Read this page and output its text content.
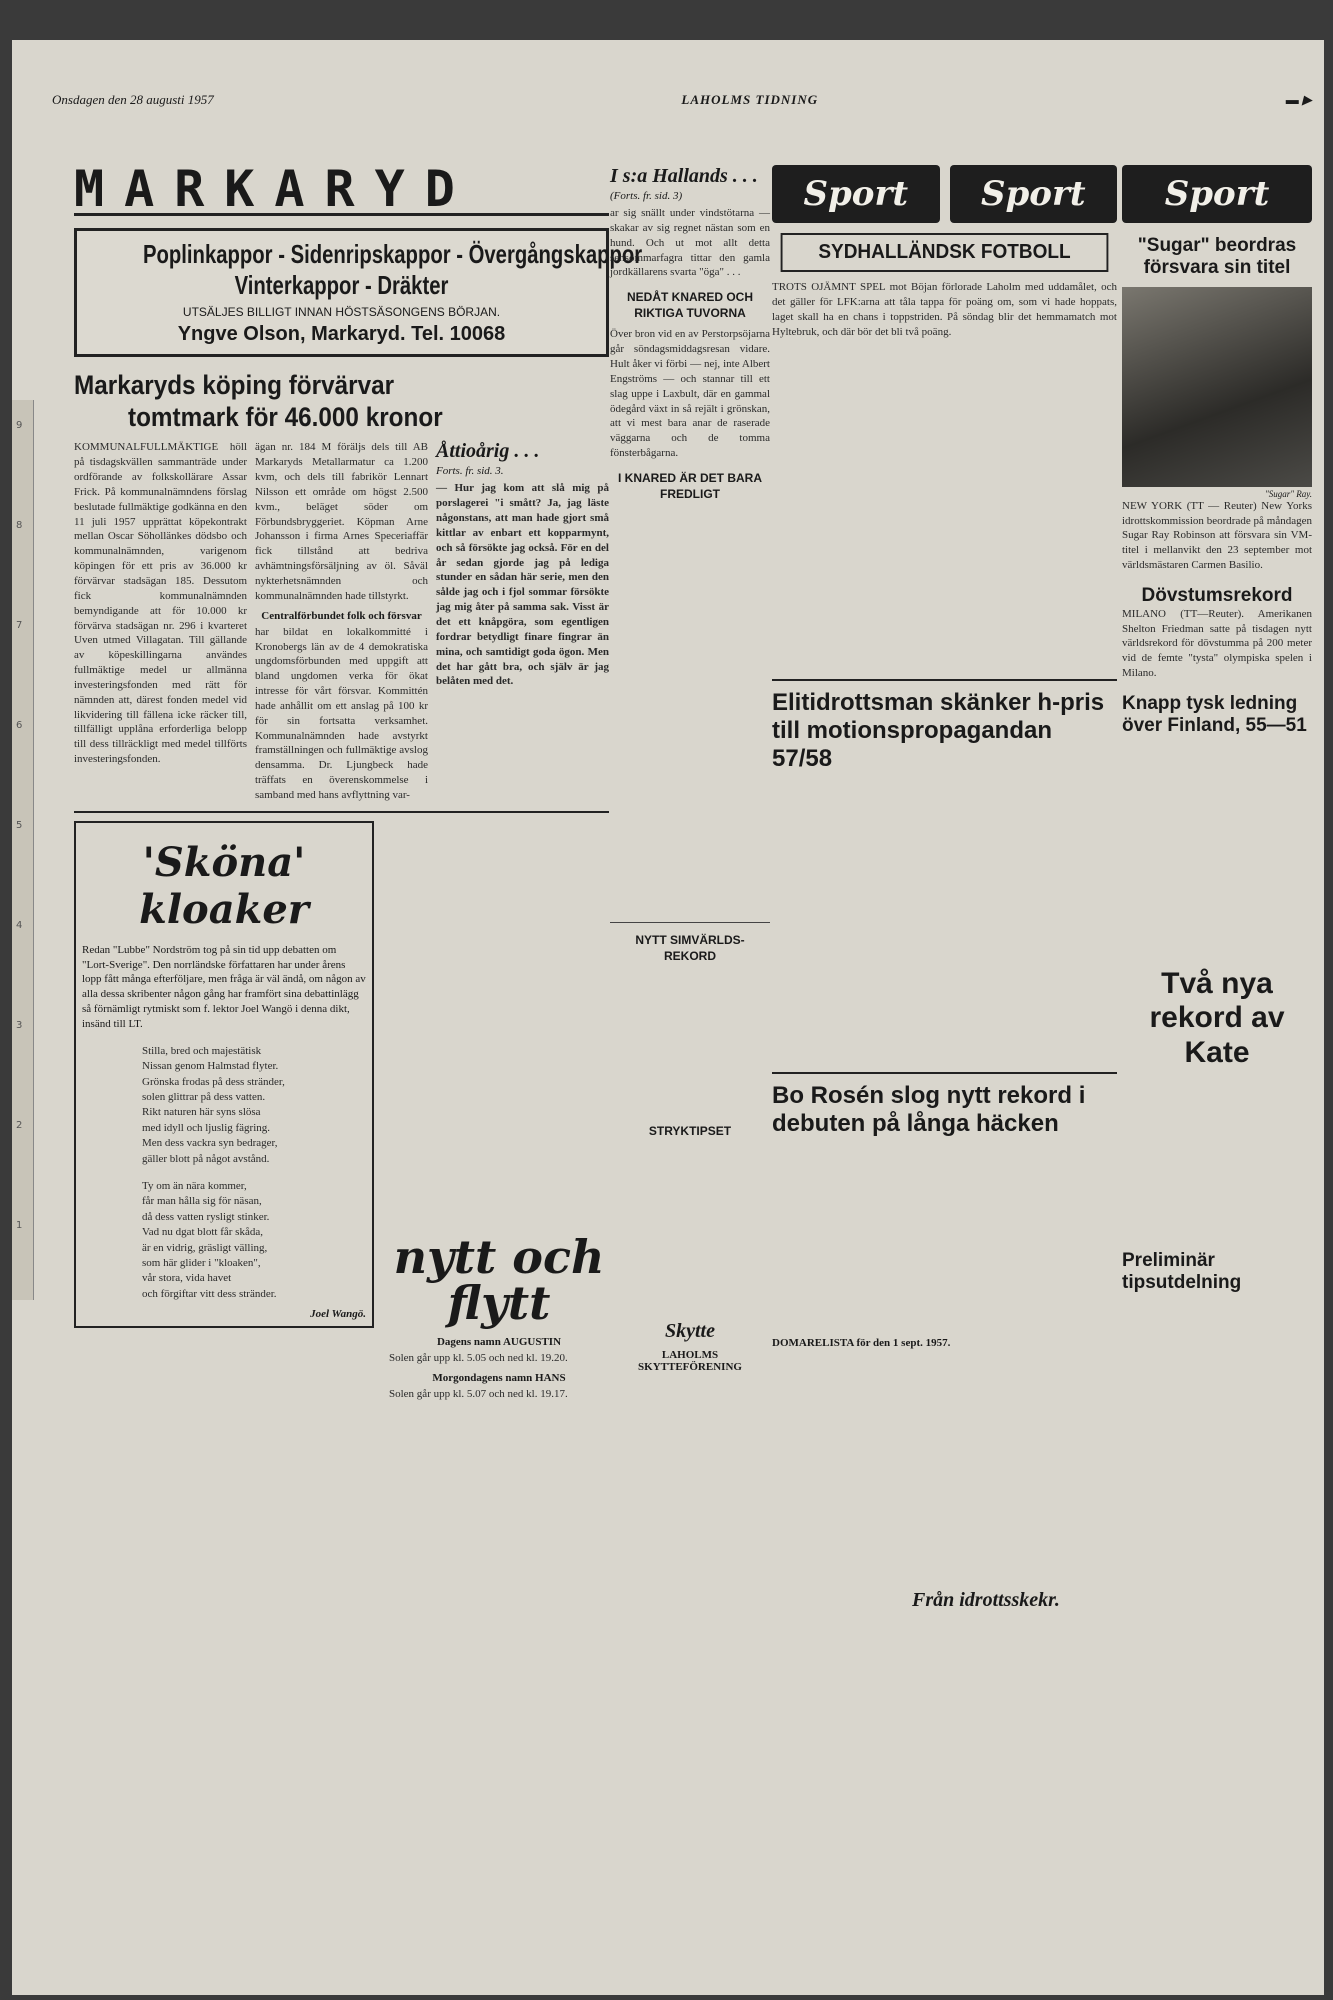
9
8
7
6
5
4
3
2
1
Onsdagen den 28 augusti 1957	LAHOLMS TIDNING	▬ ▶
MARKARYD
Poplinkappor - Sidenripskappor - Övergångskappor
Vinterkappor - Dräkter
UTSÄLJES BILLIGT INNAN HÖSTSÄSONGENS BÖRJAN.
Yngve Olson, Markaryd. Tel. 10068
Markaryds köping förvärvar
tomtmark för 46.000 kronor
KOMMUNALFULLMÄKTIGE höll på tisdagskvällen sammanträde under ordförande av folkskollärare Assar Frick. På kommunalnämndens förslag beslutade fullmäktige godkänna en den 11 juli 1957 upprättat köpekontrakt mellan Oscar Söhollänkes dödsbo och kommunalnämnden, varigenom köpingen för ett pris av 36.000 kr förvärvar stadsägan 185. Dessutom fick kommunalnämnden bemyndigande att för 10.000 kr förvärva stadsägan nr. 296 i kvarteret Uven utmed Villagatan. Till gällande av köpeskillingarna användes fullmäktige medel ur allmänna investeringsfonden med rätt för nämnden att, därest fonden medel vid likvidering till fällena icke räcker till, tillfälligt upplåna erforderliga belopp till dess tillräckligt med medel tillförts investeringsfonden.
ägan nr. 184 M föräljs dels till AB Markaryds Metallarmatur ca 1.200 kvm, och dels till fabrikör Lennart Nilsson ett område om högst 2.500 kvm., beläget söder om Förbundsbryggeriet. Köpman Arne Johansson i firma Arnes Speceriaffär fick tillstånd att bedriva avhämtningsförsäljning av öl. Såväl nykterhetsnämnden och kommunalnämnden hade tillstyrkt.
Centralförbundet folk och försvar
har bildat en lokalkommitté i Kronobergs län av de 4 demokratiska ungdomsförbunden med uppgift att bland ungdomen verka för ökat intresse för vårt försvar. Kommittén hade anhållit om ett anslag på 100 kr för sin fortsatta verksamhet. Kommunalnämnden hade avstyrkt framställningen och fullmäktige avslog densamma. Dr. Ljungbeck hade träffats en överenskommelse i samband med hans avflyttning var-
Åttioårig . . .
Forts. fr. sid. 3.
— Hur jag kom att slå mig på porslagerei "i smått? Ja, jag läste någonstans, att man hade gjort små kittlar av enbart ett kopparmynt, och så försökte jag också. För en del år sedan gjorde jag på lediga stunder en sådan här serie, men den sålde jag och i fjol sommar försökte jag mig åter på samma sak. Visst är det ett knåpgöra, som egentligen fordrar betydligt finare fingrar än mina, och samtidigt goda ögon. Men det har gått bra, och själv är jag belåten med det.
'Sköna' kloaker
Redan "Lubbe" Nordström tog på sin tid upp debatten om "Lort-Sverige". Den norrländske författaren har under årens lopp fått många efterföljare, men fråga är väl ändå, om någon av alla dessa skribenter någon gång har framfört sina debattinlägg så förnämligt rytmiskt som f. lektor Joel Wangö i denna dikt, insänd till LT.
Stilla, bred och majestätisk
Nissan genom Halmstad flyter.
Grönska frodas på dess stränder,
solen glittrar på dess vatten.
Rikt naturen här syns slösa
med idyll och ljuslig fägring.
Men dess vackra syn bedrager,
gäller blott på något avstånd.
Ty om än nära kommer,
får man hålla sig för näsan,
då dess vatten rysligt stinker.
Vad nu dgat blott får skåda,
är en vidrig, gräsligt välling,
som här glider i "kloaken",
vår stora, vida havet
och förgiftar vitt dess stränder.
Joel Wangö.
nytt och flytt
Dagens namn AUGUSTIN
Solen går upp kl. 5.05 och ned kl. 19.20.
Morgondagens namn HANS
Solen går upp kl. 5.07 och ned kl. 19.17.
I s:a Hallands . . .
(Forts. fr. sid. 3)
ar sig snällt under vindstötarna — skakar av sig regnet nästan som en hund. Och ut mot allt detta sensommarfagra tittar den gamla jordkällarens svarta "öga" . . .
NEDÅT KNARED OCH RIKTIGA TUVORNA
Över bron vid en av Perstorpsöjarna går söndagsmiddagsresan vidare. Hult åker vi förbi — nej, inte Albert Engströms — och stannar till ett slag uppe i Laxbult, där en gammal ödegård växt in så rejält i grönskan, att vi mest bara anar de raserade väggarna och de tomma fönsterbågarna.
I KNARED ÄR DET BARA FREDLIGT
NYTT SIMVÄRLDS-REKORD
STRYKTIPSET
Skytte
LAHOLMS SKYTTEFÖRENING
Sport	Sport
SYDHALLÄNDSK FOTBOLL
TROTS OJÄMNT SPEL mot Böjan förlorade Laholm med uddamålet, och det gäller för LFK:arna att tåla tappa för poäng om, som vi hade hoppats, laget skall ha en chans i toppstriden. På söndag blir det hemmamatch mot Hyltebruk, och där bör det bli två poäng.
Elitidrottsman skänker h-pris till motionspropagandan 57/58
Bo Rosén slog nytt rekord i debuten på långa häcken
DOMARELISTA för den 1 sept. 1957.
Från idrottsskekr.
Sport
"Sugar" beordras försvara sin titel
"Sugar" Ray.
NEW YORK (TT — Reuter) New Yorks idrottskommission beordrade på måndagen Sugar Ray Robinson att försvara sin VM-titel i mellanvikt den 23 september mot världsmästaren Carmen Basilio.
Dövstumsrekord
MILANO (TT—Reuter). Amerikanen Shelton Friedman satte på tisdagen nytt världsrekord för dövstumma på 200 meter vid de femte "tysta" olympiska spelen i Milano.
Knapp tysk ledning över Finland, 55—51
Två nya rekord av Kate
Preliminär tipsutdelning
